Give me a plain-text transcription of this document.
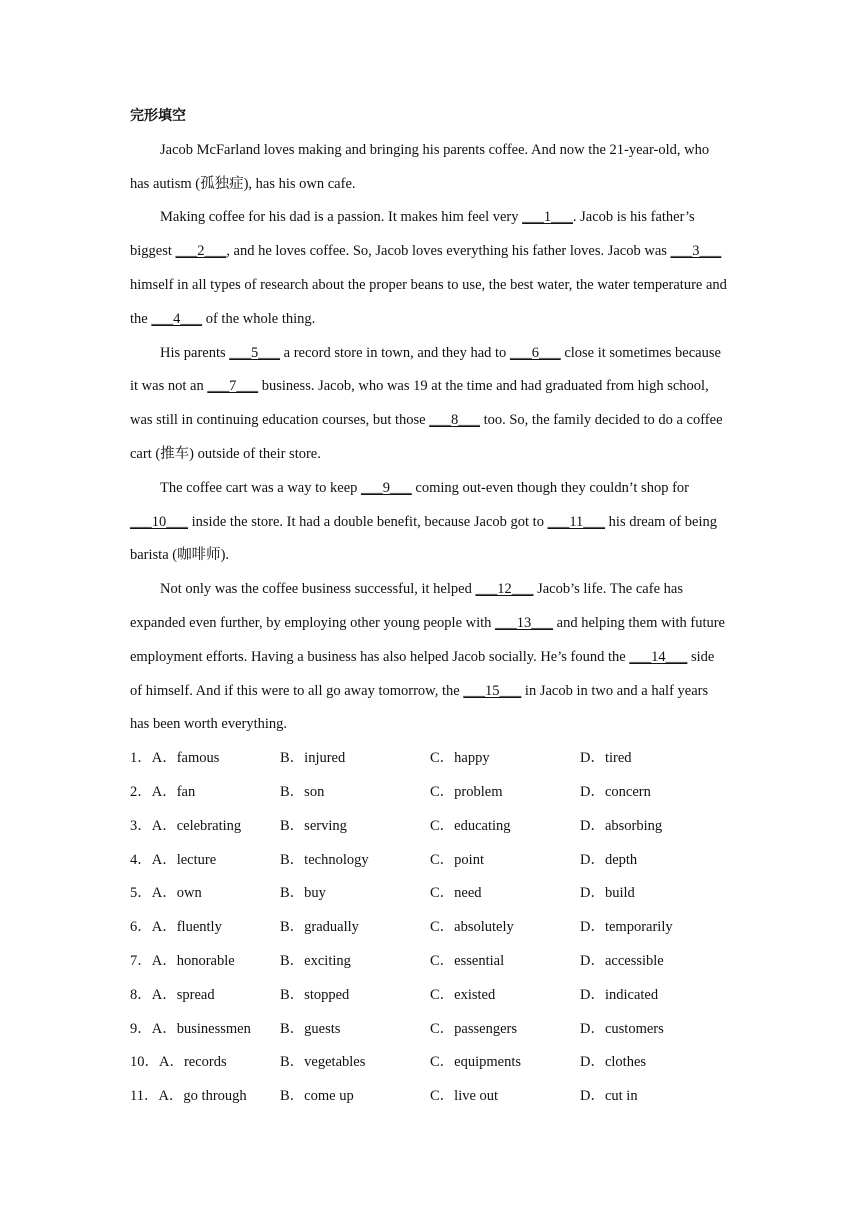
完形填空

Jacob McFarland loves making and bringing his parents coffee. And now the 21-year-old, who has autism (孤独症), has his own cafe.

Making coffee for his dad is a passion. It makes him feel very ___1___. Jacob is his father’s biggest ___2___, and he loves coffee. So, Jacob loves everything his father loves. Jacob was ___3___ himself in all types of research about the proper beans to use, the best water, the water temperature and the ___4___ of the whole thing.

His parents ___5___ a record store in town, and they had to ___6___ close it sometimes because it was not an ___7___ business. Jacob, who was 19 at the time and had graduated from high school, was still in continuing education courses, but those ___8___ too. So, the family decided to do a coffee cart (推车) outside of their store.

The coffee cart was a way to keep ___9___ coming out-even though they couldn’t shop for ___10___ inside the store. It had a double benefit, because Jacob got to ___11___ his dream of being barista (咖啡师).

Not only was the coffee business successful, it helped ___12___ Jacob’s life. The cafe has expanded even further, by employing other young people with ___13___ and helping them with future employment efforts. Having a business has also helped Jacob socially. He’s found the ___14___ side of himself. And if this were to all go away tomorrow, the ___15___ in Jacob in two and a half years has been worth everything.

1．A．famous	B．injured	C．happy	D．tired
2．A．fan	B．son	C．problem	D．concern
3．A．celebrating	B．serving	C．educating	D．absorbing
4．A．lecture	B．technology	C．point	D．depth
5．A．own	B．buy	C．need	D．build
6．A．fluently	B．gradually	C．absolutely	D．temporarily
7．A．honorable	B．exciting	C．essential	D．accessible
8．A．spread	B．stopped	C．existed	D．indicated
9．A．businessmen	B．guests	C．passengers	D．customers
10．A．records	B．vegetables	C．equipments	D．clothes
11．A．go through	B．come up	C．live out	D．cut in
